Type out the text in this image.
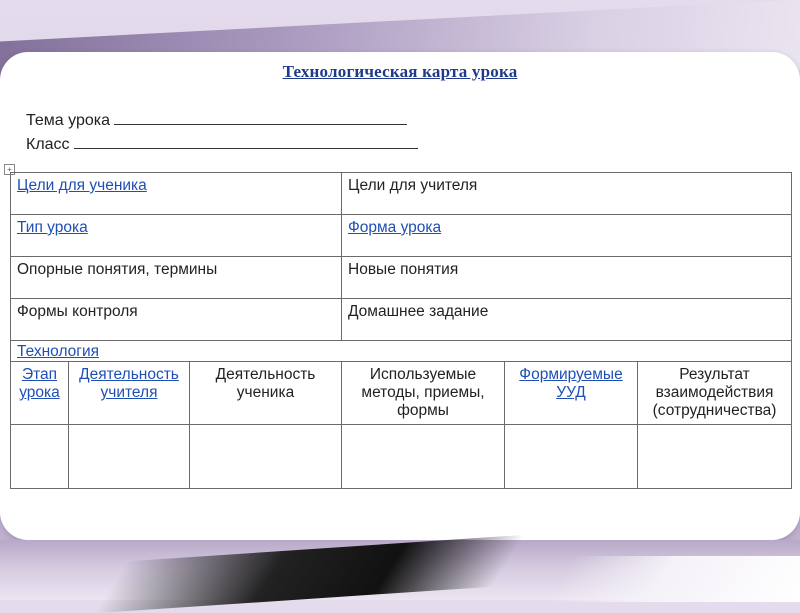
Технологическая карта урока
Тема урока
Класс
+
Цели для ученика			Цели для учителя		
Тип урока			Форма урока		
Опорные понятия, термины			Новые понятия		
Формы контроля			Домашнее задание		
Технология					
Этап урока	Деятельность учителя	Деятельность ученика	Используемые методы, приемы, формы	Формируемые УУД	Результат взаимодействия (сотрудничества)
